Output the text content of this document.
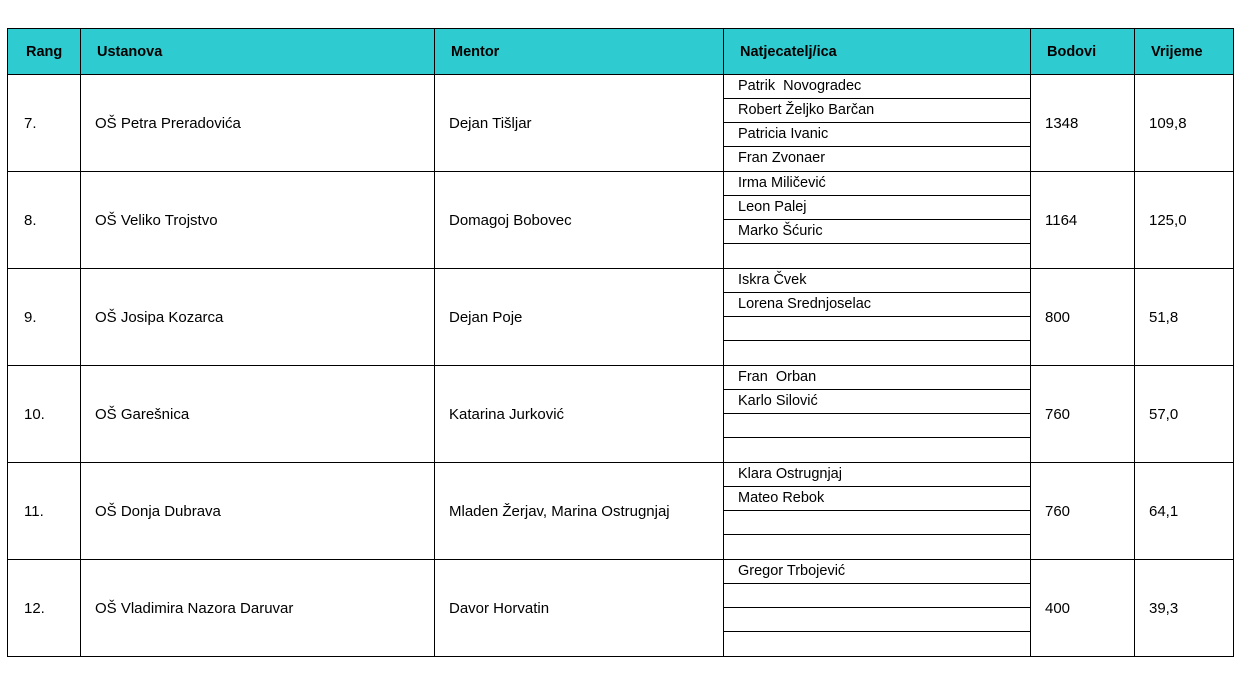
Rang	Ustanova	Mentor	Natjecatelj/ica	Bodovi	Vrijeme
7.	OŠ Petra Preradovića	Dejan Tišljar	Patrik  Novogradec
Robert Željko Barčan
Patricia Ivanic
Fran Zvonaer	1348	109,8
8.	OŠ Veliko Trojstvo	Domagoj Bobovec	Irma Miličević
Leon Palej
Marko Šćuric	1164	125,0
9.	OŠ Josipa Kozarca	Dejan Poje	Iskra Čvek
Lorena Srednjoselac	800	51,8
10.	OŠ Garešnica	Katarina Jurković	Fran  Orban
Karlo Silović	760	57,0
11.	OŠ Donja Dubrava	Mladen Žerjav, Marina Ostrugnjaj	Klara Ostrugnjaj
Mateo Rebok	760	64,1
12.	OŠ Vladimira Nazora Daruvar	Davor Horvatin	Gregor Trbojević	400	39,3
